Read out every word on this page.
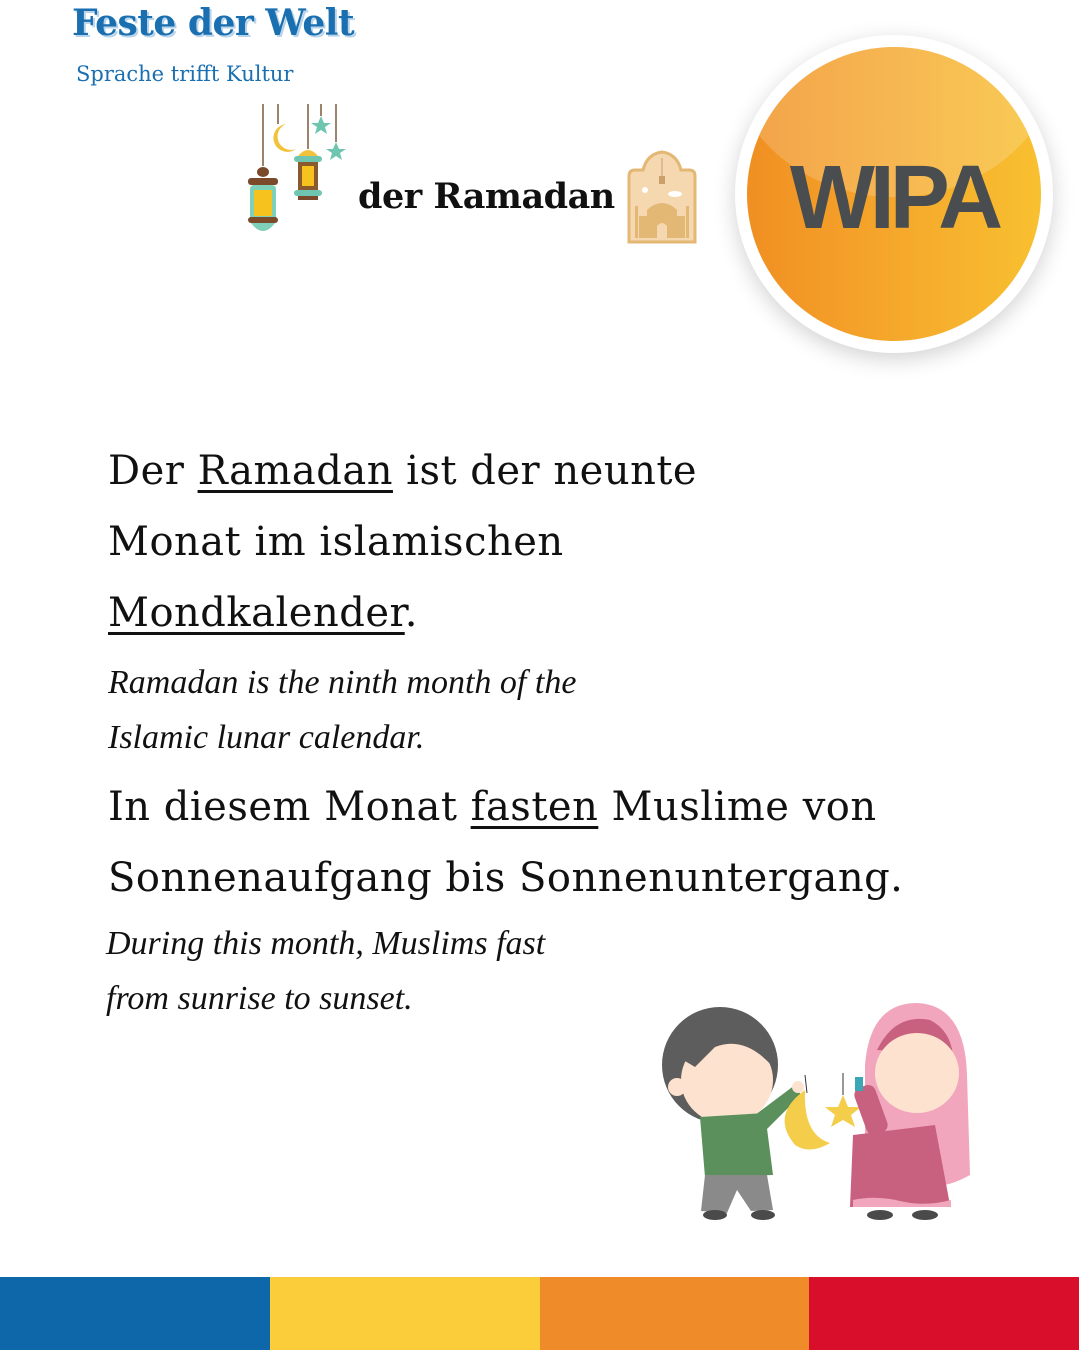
Feste der Welt
Sprache trifft Kultur
der Ramadan	WIPA
Der Ramadan ist der neunte
Monat im islamischen
Mondkalender.
Ramadan is the ninth month of the
Islamic lunar calendar.
In diesem Monat fasten Muslime von
Sonnenaufgang bis Sonnenuntergang.
During this month, Muslims fast
from sunrise to sunset.
